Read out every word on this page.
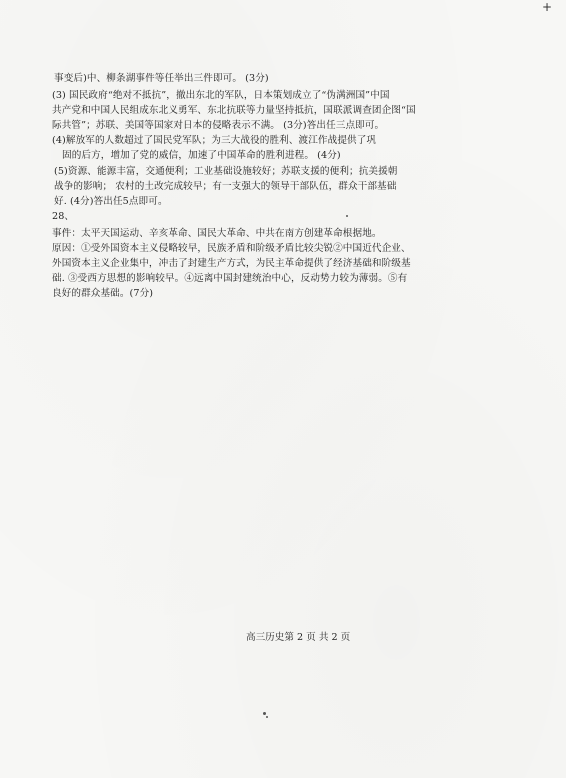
+
事变后)中、柳条湖事件等任举出三件即可。 (3分)
(3) 国民政府“绝对不抵抗”，撤出东北的军队，日本策划成立了“伪满洲国”中国
共产党和中国人民组成东北义勇军、东北抗联等力量坚持抵抗，国联派调查团企图“国
际共管”；苏联、美国等国家对日本的侵略表示不满。 (3分)答出任三点即可。
(4)解放军的人数超过了国民党军队；为三大战役的胜利、渡江作战提供了巩
固的后方，增加了党的威信，加速了中国革命的胜利进程。 (4分)
(5)资源、能源丰富，交通便利；工业基础设施较好；苏联支援的便利；抗美援朝
战争的影响； 农村的土改完成较早；有一支强大的领导干部队伍，群众干部基础
好. (4分)答出任5点即可。
28、
事件：太平天国运动、辛亥革命、国民大革命、中共在南方创建革命根据地。
原因：①受外国资本主义侵略较早，民族矛盾和阶级矛盾比较尖锐②中国近代企业、
外国资本主义企业集中，冲击了封建生产方式，为民主革命提供了经济基础和阶级基
础. ③受西方思想的影响较早。④远离中国封建统治中心，反动势力较为薄弱。⑤有
良好的群众基础。(7分)
高三历史第 2 页 共 2 页
